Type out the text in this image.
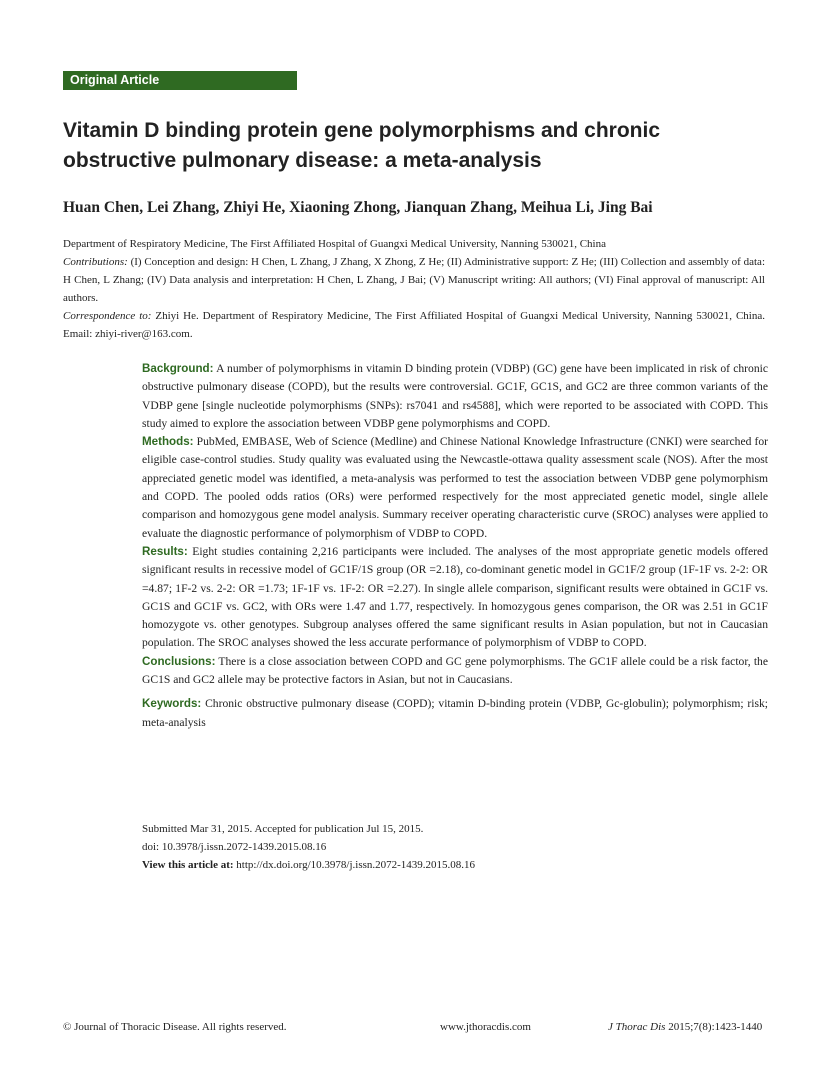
Original Article
Vitamin D binding protein gene polymorphisms and chronic obstructive pulmonary disease: a meta-analysis
Huan Chen, Lei Zhang, Zhiyi He, Xiaoning Zhong, Jianquan Zhang, Meihua Li, Jing Bai

Department of Respiratory Medicine, The First Affiliated Hospital of Guangxi Medical University, Nanning 530021, China

Contributions: (I) Conception and design: H Chen, L Zhang, J Zhang, X Zhong, Z He; (II) Administrative support: Z He; (III) Collection and assembly of data: H Chen, L Zhang; (IV) Data analysis and interpretation: H Chen, L Zhang, J Bai; (V) Manuscript writing: All authors; (VI) Final approval of manuscript: All authors.

Correspondence to: Zhiyi He. Department of Respiratory Medicine, The First Affiliated Hospital of Guangxi Medical University, Nanning 530021, China. Email: zhiyi-river@163.com.

Background: A number of polymorphisms in vitamin D binding protein (VDBP) (GC) gene have been implicated in risk of chronic obstructive pulmonary disease (COPD), but the results were controversial. GC1F, GC1S, and GC2 are three common variants of the VDBP gene [single nucleotide polymorphisms (SNPs): rs7041 and rs4588], which were reported to be associated with COPD. This study aimed to explore the association between VDBP gene polymorphisms and COPD.

Methods: PubMed, EMBASE, Web of Science (Medline) and Chinese National Knowledge Infrastructure (CNKI) were searched for eligible case-control studies. Study quality was evaluated using the Newcastle-ottawa quality assessment scale (NOS). After the most appreciated genetic model was identified, a meta-analysis was performed to test the association between VDBP gene polymorphism and COPD. The pooled odds ratios (ORs) were performed respectively for the most appreciated genetic model, single allele comparison and homozygous gene model analysis. Summary receiver operating characteristic curve (SROC) analyses were applied to evaluate the diagnostic performance of polymorphism of VDBP to COPD.

Results: Eight studies containing 2,216 participants were included. The analyses of the most appropriate genetic models offered significant results in recessive model of GC1F/1S group (OR =2.18), co-dominant genetic model in GC1F/2 group (1F-1F vs. 2-2: OR =4.87; 1F-2 vs. 2-2: OR =1.73; 1F-1F vs. 1F-2: OR =2.27). In single allele comparison, significant results were obtained in GC1F vs. GC1S and GC1F vs. GC2, with ORs were 1.47 and 1.77, respectively. In homozygous genes comparison, the OR was 2.51 in GC1F homozygote vs. other genotypes. Subgroup analyses offered the same significant results in Asian population, but not in Caucasian population. The SROC analyses showed the less accurate performance of polymorphism of VDBP to COPD.

Conclusions: There is a close association between COPD and GC gene polymorphisms. The GC1F allele could be a risk factor, the GC1S and GC2 allele may be protective factors in Asian, but not in Caucasians.

Keywords: Chronic obstructive pulmonary disease (COPD); vitamin D-binding protein (VDBP, Gc-globulin); polymorphism; risk; meta-analysis

Submitted Mar 31, 2015. Accepted for publication Jul 15, 2015.

doi: 10.3978/j.issn.2072-1439.2015.08.16

View this article at: http://dx.doi.org/10.3978/j.issn.2072-1439.2015.08.16

© Journal of Thoracic Disease. All rights reserved.	www.jthoracdis.com	J Thorac Dis 2015;7(8):1423-1440
